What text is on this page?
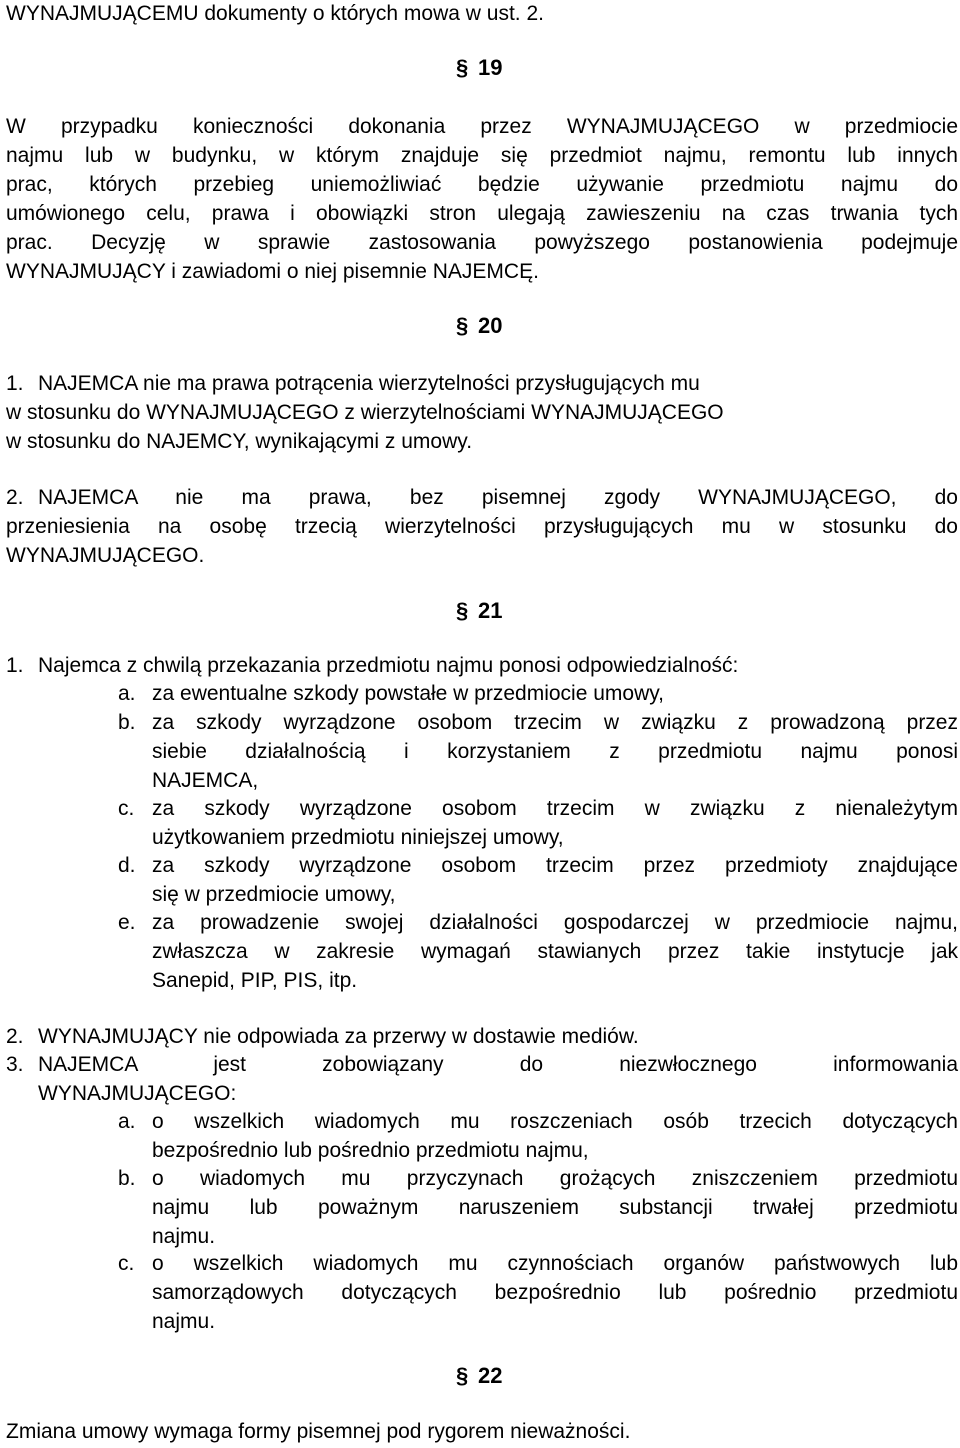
WYNAJMUJĄCEMU dokumenty o których mowa w ust. 2.
§ 19
W przypadku konieczności dokonania przez WYNAJMUJĄCEGO w przedmiocie
najmu lub w budynku, w którym znajduje się przedmiot najmu, remontu lub innych
prac, których przebieg uniemożliwiać będzie używanie przedmiotu najmu do
umówionego celu, prawa i obowiązki stron ulegają zawieszeniu na czas trwania tych
prac. Decyzję w sprawie zastosowania powyższego postanowienia podejmuje
WYNAJMUJĄCY i zawiadomi o niej pisemnie NAJEMCĘ.
§ 20
1. NAJEMCA nie ma prawa potrącenia wierzytelności przysługujących mu
w stosunku do WYNAJMUJĄCEGO z wierzytelnościami WYNAJMUJĄCEGO
w stosunku do NAJEMCY, wynikającymi z umowy.
2. NAJEMCA nie ma prawa, bez pisemnej zgody WYNAJMUJĄCEGO, do
przeniesienia na osobę trzecią wierzytelności przysługujących mu w stosunku do
WYNAJMUJĄCEGO.
§ 21
1. Najemca z chwilą przekazania przedmiotu najmu ponosi odpowiedzialność:
a. za ewentualne szkody powstałe w przedmiocie umowy,
b. za szkody wyrządzone osobom trzecim w związku z prowadzoną przez
siebie działalnością i korzystaniem z przedmiotu najmu ponosi
NAJEMCA,
c. za szkody wyrządzone osobom trzecim w związku z nienależytym
użytkowaniem przedmiotu niniejszej umowy,
d. za szkody wyrządzone osobom trzecim przez przedmioty znajdujące
się w przedmiocie umowy,
e. za prowadzenie swojej działalności gospodarczej w przedmiocie najmu,
zwłaszcza w zakresie wymagań stawianych przez takie instytucje jak
Sanepid, PIP, PIS, itp.
2. WYNAJMUJĄCY nie odpowiada za przerwy w dostawie mediów.
3. NAJEMCA jest zobowiązany do niezwłocznego informowania
WYNAJMUJĄCEGO:
a. o wszelkich wiadomych mu roszczeniach osób trzecich dotyczących
bezpośrednio lub pośrednio przedmiotu najmu,
b. o wiadomych mu przyczynach grożących zniszczeniem przedmiotu
najmu lub poważnym naruszeniem substancji trwałej przedmiotu
najmu.
c. o wszelkich wiadomych mu czynnościach organów państwowych lub
samorządowych dotyczących bezpośrednio lub pośrednio przedmiotu
najmu.
§ 22
Zmiana umowy wymaga formy pisemnej pod rygorem nieważności.
